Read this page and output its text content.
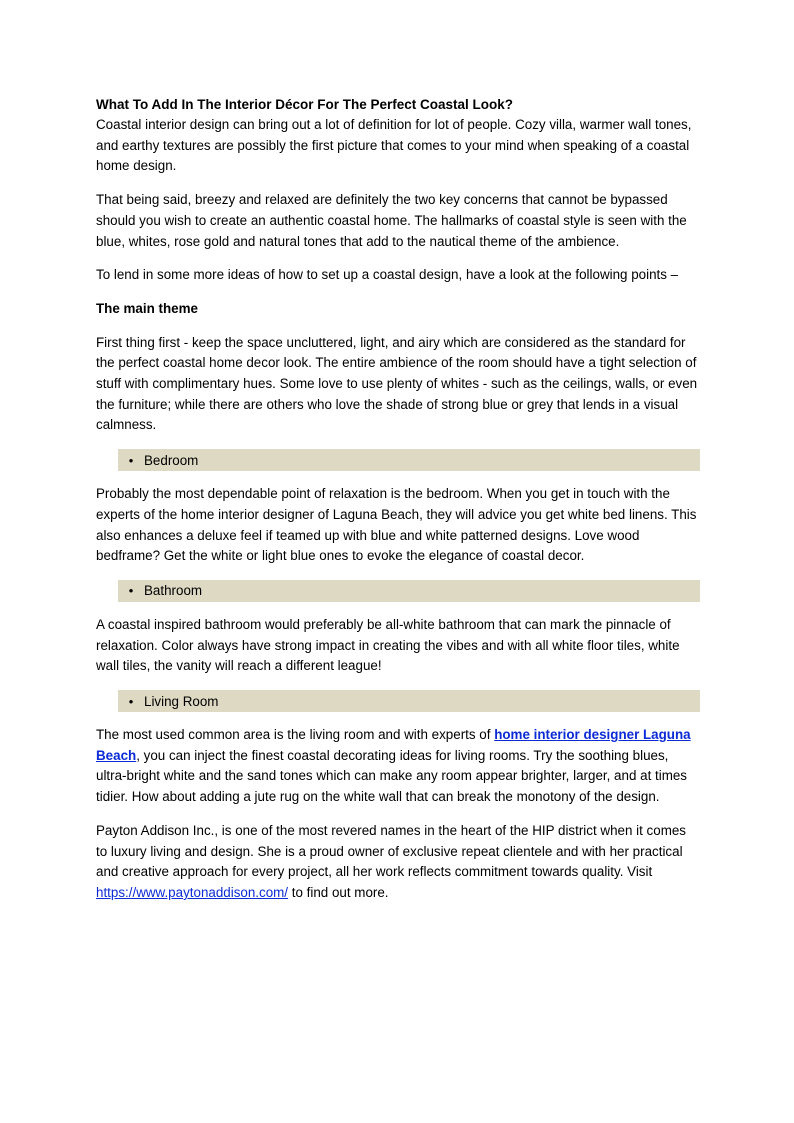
What To Add In The Interior Décor For The Perfect Coastal Look?

Coastal interior design can bring out a lot of definition for lot of people. Cozy villa, warmer wall tones, and earthy textures are possibly the first picture that comes to your mind when speaking of a coastal home design.

That being said, breezy and relaxed are definitely the two key concerns that cannot be bypassed should you wish to create an authentic coastal home. The hallmarks of coastal style is seen with the blue, whites, rose gold and natural tones that add to the nautical theme of the ambience.

To lend in some more ideas of how to set up a coastal design, have a look at the following points –

The main theme

First thing first - keep the space uncluttered, light, and airy which are considered as the standard for the perfect coastal home decor look. The entire ambience of the room should have a tight selection of stuff with complimentary hues. Some love to use plenty of whites - such as the ceilings, walls, or even the furniture; while there are others who love the shade of strong blue or grey that lends in a visual calmness.

• Bedroom

Probably the most dependable point of relaxation is the bedroom. When you get in touch with the experts of the home interior designer of Laguna Beach, they will advice you get white bed linens. This also enhances a deluxe feel if teamed up with blue and white patterned designs. Love wood bedframe? Get the white or light blue ones to evoke the elegance of coastal decor.

• Bathroom

A coastal inspired bathroom would preferably be all-white bathroom that can mark the pinnacle of relaxation. Color always have strong impact in creating the vibes and with all white floor tiles, white wall tiles, the vanity will reach a different league!

• Living Room

The most used common area is the living room and with experts of home interior designer Laguna Beach, you can inject the finest coastal decorating ideas for living rooms. Try the soothing blues, ultra-bright white and the sand tones which can make any room appear brighter, larger, and at times tidier. How about adding a jute rug on the white wall that can break the monotony of the design.

Payton Addison Inc., is one of the most revered names in the heart of the HIP district when it comes to luxury living and design. She is a proud owner of exclusive repeat clientele and with her practical and creative approach for every project, all her work reflects commitment towards quality. Visit https://www.paytonaddison.com/ to find out more.
